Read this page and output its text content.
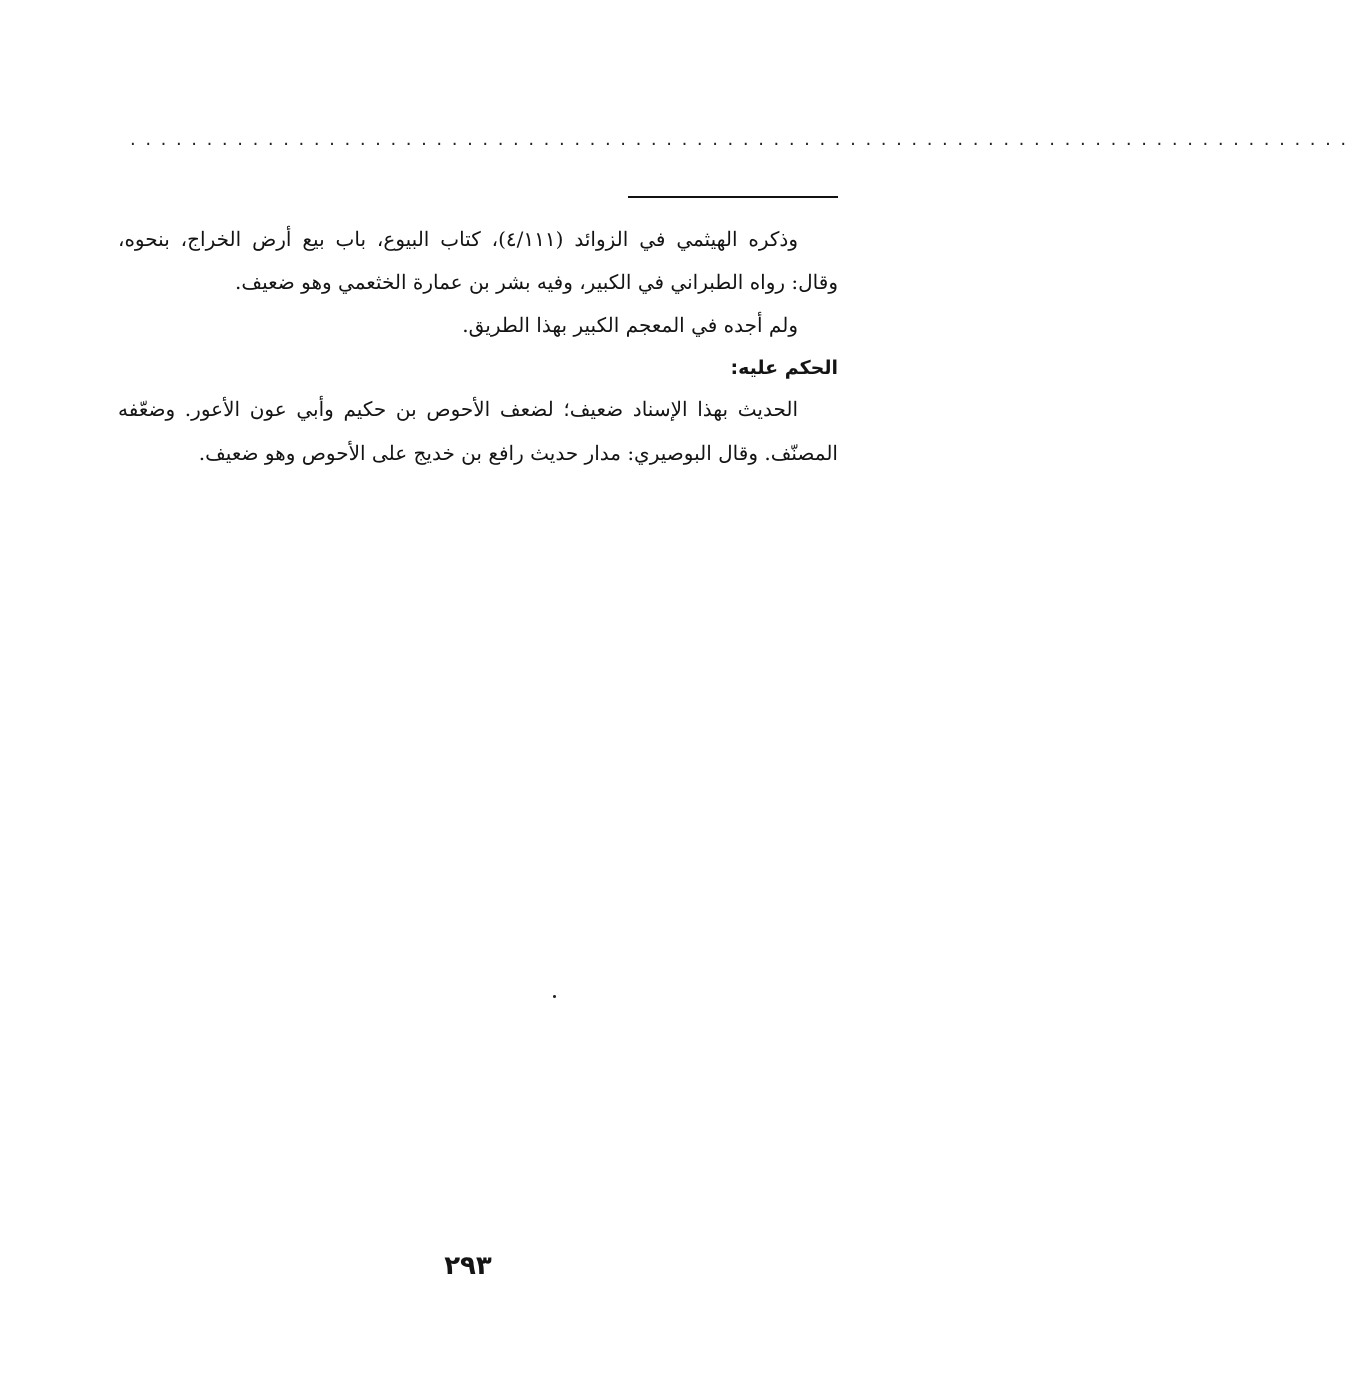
................................................................................

وذكره الهيثمي في الزوائد (٤/١١١)، كتاب البيوع، باب بيع أرض الخراج، بنحوه، وقال: رواه الطبراني في الكبير، وفيه بشر بن عمارة الخثعمي وهو ضعيف.

ولم أجده في المعجم الكبير بهذا الطريق.

الحكم عليه:

الحديث بهذا الإسناد ضعيف؛ لضعف الأحوص بن حكيم وأبي عون الأعور. وضعّفه المصنّف. وقال البوصيري: مدار حديث رافع بن خديج على الأحوص وهو ضعيف.

٢٩٣
